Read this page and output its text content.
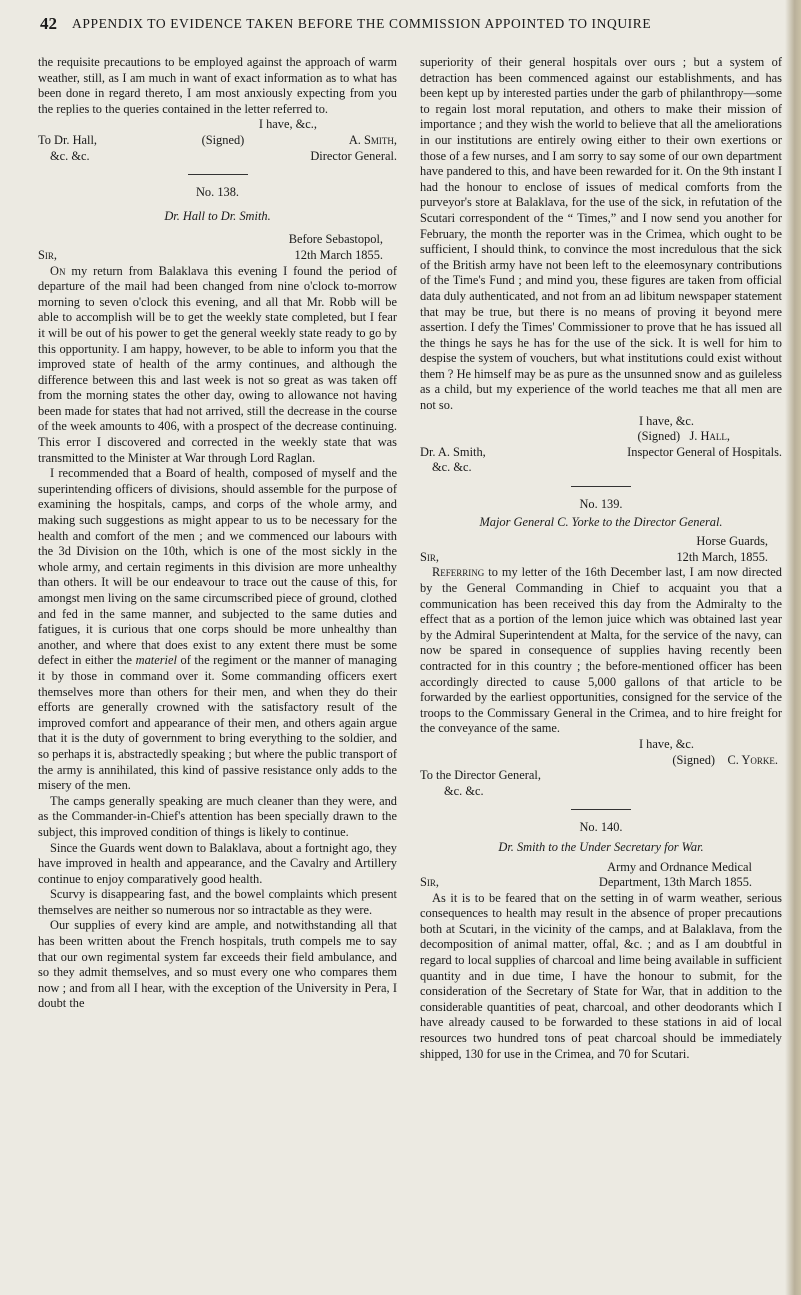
42 APPENDIX TO EVIDENCE TAKEN BEFORE THE COMMISSION APPOINTED TO INQUIRE

the requisite precautions to be employed against the approach of warm weather, still, as I am much in want of exact information as to what has been done in regard thereto, I am most anxiously expecting from you the replies to the queries contained in the letter referred to.

I have, &c.,

To Dr. Hall,	(Signed)	A. Smith,
&c. &c.	Director General.

No. 138.

Dr. Hall to Dr. Smith.

Before Sebastopol,

Sir,	12th March 1855.

On my return from Balaklava this evening I found the period of departure of the mail had been changed from nine o'clock to-morrow morning to seven o'clock this evening, and all that Mr. Robb will be able to accomplish will be to get the weekly state completed, but I fear it will be out of his power to get the general weekly state ready to go by this opportunity. I am happy, however, to be able to inform you that the improved state of health of the army continues, and although the difference between this and last week is not so great as was taken off from the morning states the other day, owing to allowance not having been made for states that had not arrived, still the decrease in the course of the week amounts to 406, with a prospect of the decrease continuing. This error I discovered and corrected in the weekly state that was transmitted to the Minister at War through Lord Raglan.

I recommended that a Board of health, composed of myself and the superintending officers of divisions, should assemble for the purpose of examining the hospitals, camps, and corps of the whole army, and making such suggestions as might appear to us to be necessary for the health and comfort of the men ; and we commenced our labours with the 3d Division on the 10th, which is one of the most sickly in the whole army, and certain regiments in this division are more unhealthy than others. It will be our endeavour to trace out the cause of this, for amongst men living on the same circumscribed piece of ground, clothed and fed in the same manner, and subjected to the same duties and fatigues, it is curious that one corps should be more unhealthy than another, and where that does exist to any extent there must be some defect in either the materiel of the regiment or the manner of managing it by those in command over it. Some commanding officers exert themselves more than others for their men, and when they do their efforts are generally crowned with the satisfactory result of the improved comfort and appearance of their men, and others again argue that it is the duty of government to bring everything to the soldier, and so perhaps it is, abstractedly speaking ; but where the public transport of the army is annihilated, this kind of passive resistance only adds to the misery of the men.

The camps generally speaking are much cleaner than they were, and as the Commander-in-Chief's attention has been specially drawn to the subject, this improved condition of things is likely to continue.

Since the Guards went down to Balaklava, about a fortnight ago, they have improved in health and appearance, and the Cavalry and Artillery continue to enjoy comparatively good health.

Scurvy is disappearing fast, and the bowel complaints which present themselves are neither so numerous nor so intractable as they were.

Our supplies of every kind are ample, and notwithstanding all that has been written about the French hospitals, truth compels me to say that our own regimental system far exceeds their field ambulance, and so they admit themselves, and so must every one who compares them now ; and from all I hear, with the exception of the University in Pera, I doubt the

superiority of their general hospitals over ours ; but a system of detraction has been commenced against our establishments, and has been kept up by interested parties under the garb of philanthropy—some to regain lost moral reputation, and others to make their mission of importance ; and they wish the world to believe that all the ameliorations in our institutions are entirely owing either to their own exertions or those of a few nurses, and I am sorry to say some of our own department have pandered to this, and have been rewarded for it. On the 9th instant I had the honour to enclose of issues of medical comforts from the purveyor's store at Balaklava, for the use of the sick, in refutation of the Scutari correspondent of the “ Times,” and I now send you another for February, the month the reporter was in the Crimea, which ought to be sufficient, I should think, to convince the most incredulous that the sick of the British army have not been left to the eleemosynary contributions of the Time's Fund ; and mind you, these figures are taken from official data duly authenticated, and not from an ad libitum newspaper statement that may be true, but there is no means of proving it beyond mere assertion. I defy the Times' Commissioner to prove that he has issued all the things he says he has for the use of the sick. It is well for him to despise the system of vouchers, but what institutions could exist without them ? He himself may be as pure as the unsunned snow and as guileless as a child, but my experience of the world teaches me that all men are not so.

I have, &c.

(Signed) J. Hall,

Dr. A. Smith,	Inspector General of Hospitals.

&c. &c.

No. 139.

Major General C. Yorke to the Director General.

Horse Guards,

Sir,	12th March, 1855.

Referring to my letter of the 16th December last, I am now directed by the General Commanding in Chief to acquaint you that a communication has been received this day from the Admiralty to the effect that as a portion of the lemon juice which was obtained last year by the Admiral Superintendent at Malta, for the service of the navy, can now be spared in consequence of supplies having recently been contracted for in this country ; the before-mentioned officer has been accordingly directed to cause 5,000 gallons of that article to be forwarded by the earliest opportunities, consigned for the service of the troops to the Commissary General in the Crimea, and to hire freight for the conveyance of the same.

I have, &c.

(Signed) C. Yorke.

To the Director General,

&c. &c.

No. 140.

Dr. Smith to the Under Secretary for War.

Army and Ordnance Medical

Sir,	Department, 13th March 1855.

As it is to be feared that on the setting in of warm weather, serious consequences to health may result in the absence of proper precautions both at Scutari, in the vicinity of the camps, and at Balaklava, from the decomposition of animal matter, offal, &c. ; and as I am doubtful in regard to local supplies of charcoal and lime being available in sufficient quantity and in due time, I have the honour to submit, for the consideration of the Secretary of State for War, that in addition to the considerable quantities of peat, charcoal, and other deodorants which I have already caused to be forwarded to these stations in aid of local resources two hundred tons of peat charcoal should be immediately shipped, 130 for use in the Crimea, and 70 for Scutari.
